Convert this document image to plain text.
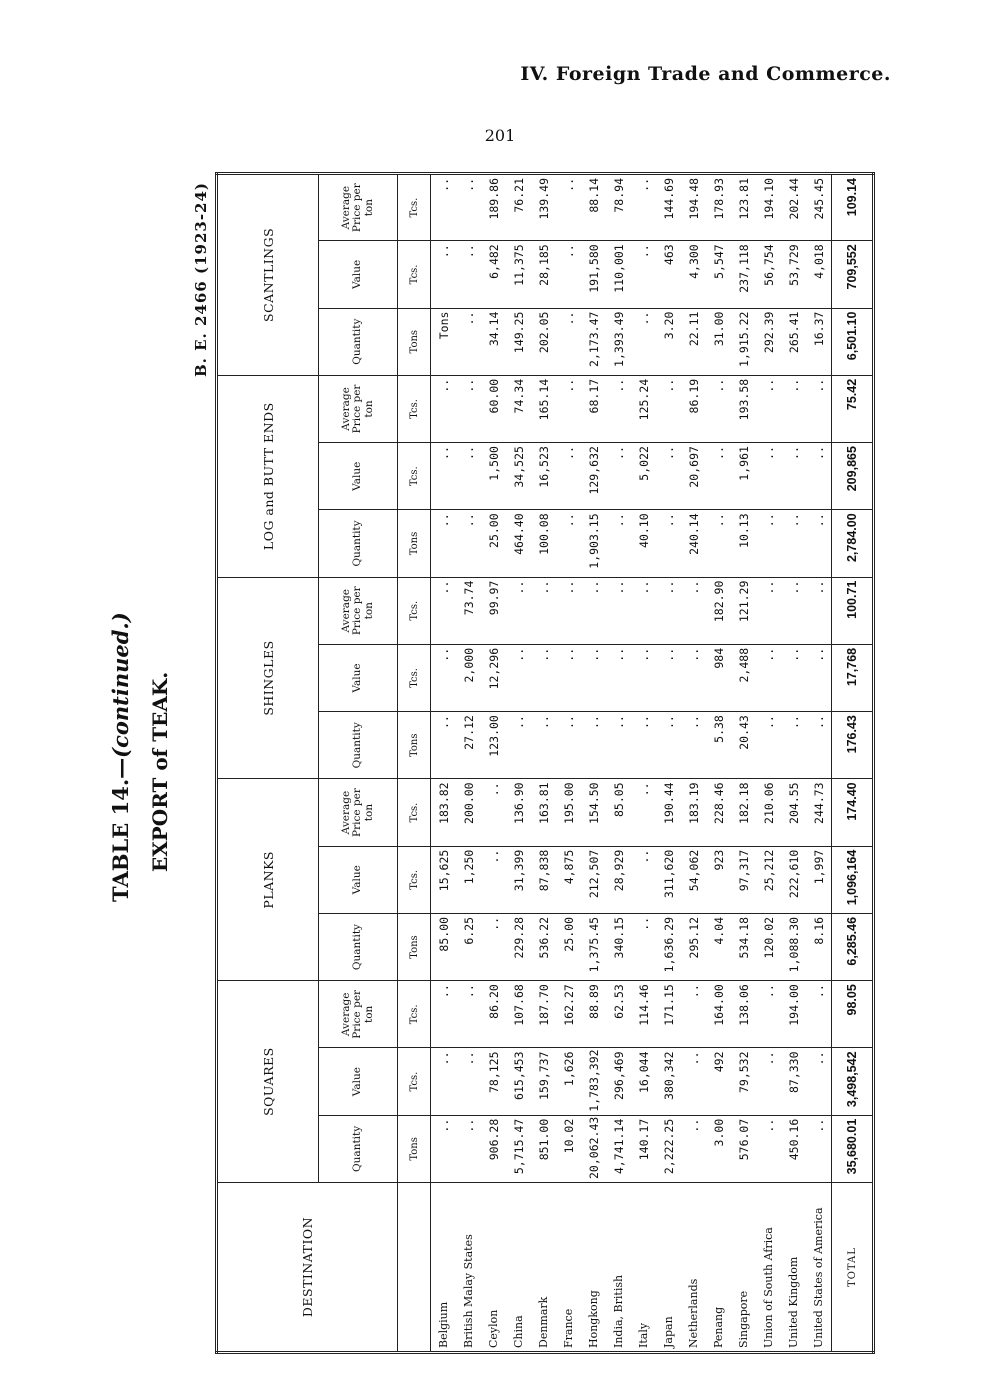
IV. Foreign Trade and Commerce.
201
TABLE 14.—(continued.) EXPORT of TEAK.
B. E. 2466 (1923-24)
DESTINATION	SQUARES			PLANKS			SHINGLES			LOG and BUTT ENDS			SCANTLINGS		
	Quantity	Value	Average Price per ton	Quantity	Value	Average Price per ton	Quantity	Value	Average Price per ton	Quantity	Value	Average Price per ton	Quantity	Value	Average Price per ton
	Tons	Tcs.	Tcs.	Tons	Tcs.	Tcs.	Tons	Tcs.	Tcs.	Tons	Tcs.	Tcs.	Tons	Tcs.	Tcs.
Belgium	..	..	..	85.00	15,625	183.82	..	..	..	..	..	..	Tons	..	..
British Malay States	..	..	..	6.25	1,250	200.00	27.12	2,000	73.74	..	..	..	..	..	..
Ceylon	906.28	78,125	86.20	..	..	..	123.00	12,296	99.97	25.00	1,500	60.00	34.14	6,482	189.86
China	5,715.47	615,453	107.68	229.28	31,399	136.90	..	..	..	464.40	34,525	74.34	149.25	11,375	76.21
Denmark	851.00	159,737	187.70	536.22	87,838	163.81	..	..	..	100.08	16,523	165.14	202.05	28,185	139.49
France	10.02	1,626	162.27	25.00	4,875	195.00	..	..	..	..	..	..	..	..	..
Hongkong	20,062.43	1,783,392	88.89	1,375.45	212,507	154.50	..	..	..	1,903.15	129,632	68.17	2,173.47	191,580	88.14
India, British	4,741.14	296,469	62.53	340.15	28,929	85.05	..	..	..	..	..	..	1,393.49	110,001	78.94
Italy	140.17	16,044	114.46	..	..	..	..	..	..	40.10	5,022	125.24	..	..	..
Japan	2,222.25	380,342	171.15	1,636.29	311,620	190.44	..	..	..	..	..	..	3.20	463	144.69
Netherlands	..	..	..	295.12	54,062	183.19	..	..	..	240.14	20,697	86.19	22.11	4,300	194.48
Penang	3.00	492	164.00	4.04	923	228.46	5.38	984	182.90	..	..	..	31.00	5,547	178.93
Singapore	576.07	79,532	138.06	534.18	97,317	182.18	20.43	2,488	121.29	10.13	1,961	193.58	1,915.22	237,118	123.81
Union of South Africa	..	..	..	120.02	25,212	210.06	..	..	..	..	..	..	292.39	56,754	194.10
United Kingdom	450.16	87,330	194.00	1,088.30	222,610	204.55	..	..	..	..	..	..	265.41	53,729	202.44
United States of America	..	..	..	8.16	1,997	244.73	..	..	..	..	..	..	16.37	4,018	245.45
TOTAL	35,680.01	3,498,542	98.05	6,285.46	1,096,164	174.40	176.43	17,768	100.71	2,784.00	209,865	75.42	6,501.10	709,552	109.14
